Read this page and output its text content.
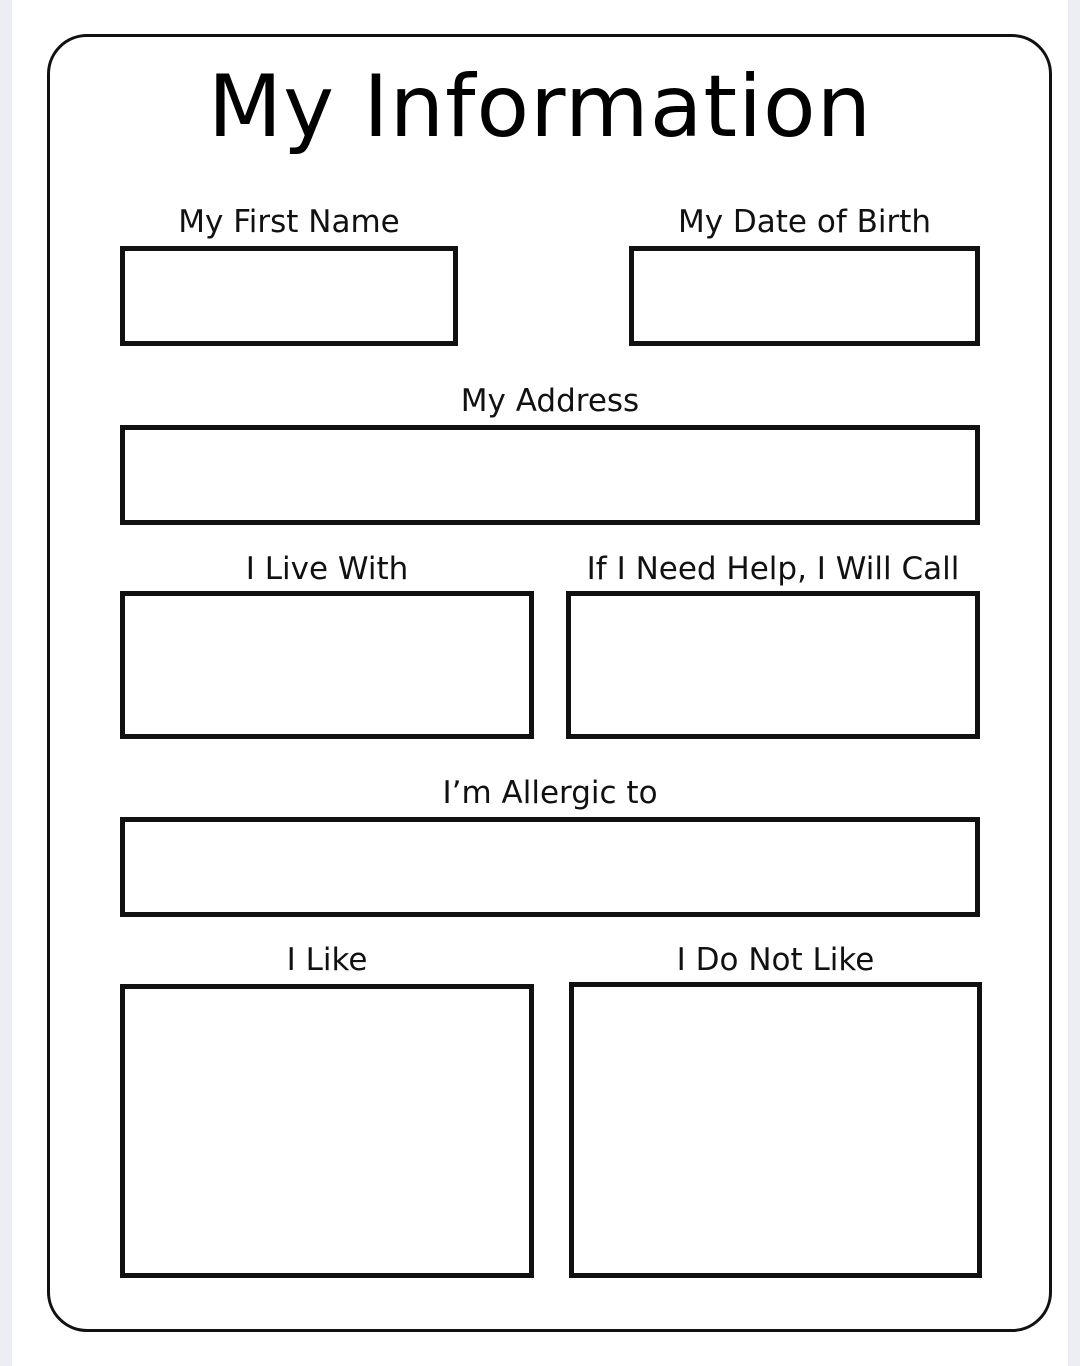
My Information
My First Name	My Date of Birth
My Address
I Live With	If I Need Help, I Will Call
I’m Allergic to
I Like	I Do Not Like
